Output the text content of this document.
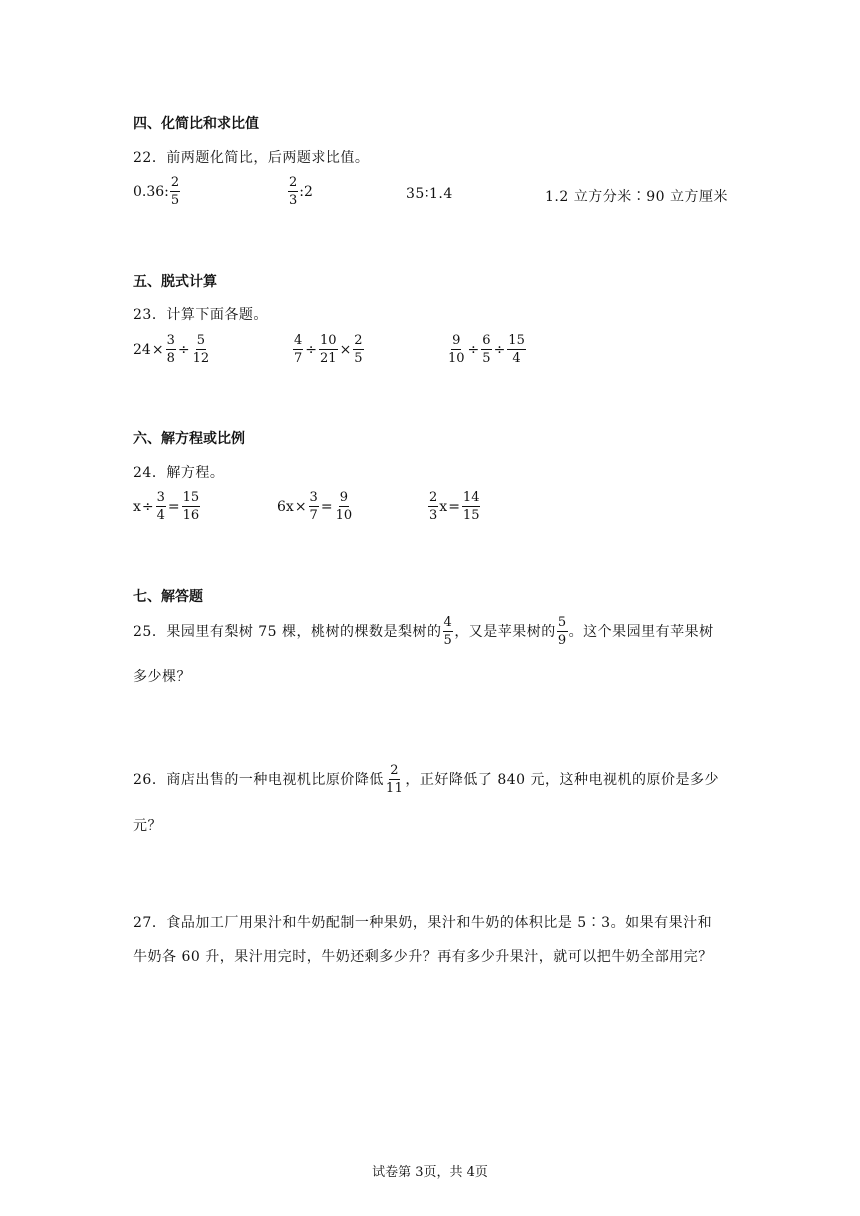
四、化简比和求比值
22．前两题化简比，后两题求比值。
0.36: $\frac{2}{5}$	$\frac{2}{3}$ :2	35∶1.4	1.2 立方分米∶90 立方厘米
五、脱式计算
23．计算下面各题。
$24 \times \frac{3}{8} \div \frac{5}{12}$	$\frac{4}{7} \div \frac{10}{21} \times \frac{2}{5}$	$\frac{9}{10} \div \frac{6}{5} \div \frac{15}{4}$
六、解方程或比例
24．解方程。
$x \div \frac{3}{4} = \frac{15}{16}$	$6x \times \frac{3}{7} = \frac{9}{10}$	$\frac{2}{3}$ $x = \frac{14}{15}$
七、解答题
25．果园里有梨树 75 棵，桃树的棵数是梨树的 $\frac{4}{5}$ ，又是苹果树的 $\frac{5}{9}$ 。这个果园里有苹果树
多少棵？
26．商店出售的一种电视机比原价降低 $\frac{2}{11}$ ，正好降低了 840 元，这种电视机的原价是多少
元？
27．食品加工厂用果汁和牛奶配制一种果奶，果汁和牛奶的体积比是 5∶3。如果有果汁和
牛奶各 60 升，果汁用完时，牛奶还剩多少升？再有多少升果汁，就可以把牛奶全部用完？
试卷第 3页，共 4页
